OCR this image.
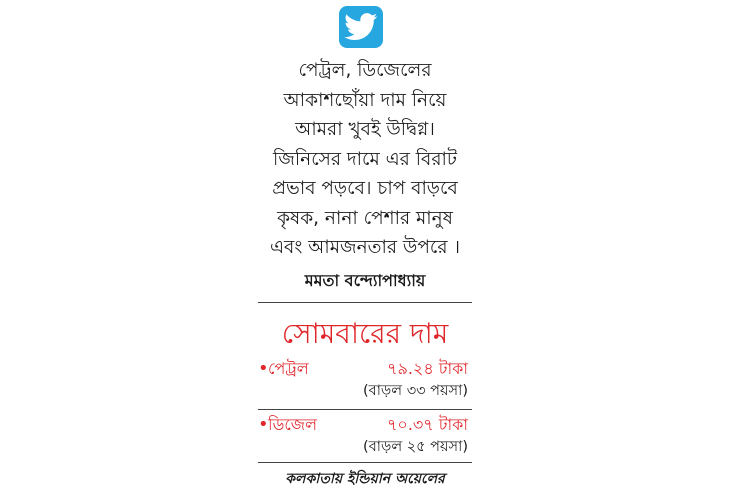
পেট্রল, ডিজেলের
আকাশছোঁয়া দাম নিয়ে
আমরা খুবই উদ্বিগ্ন।
জিনিসের দামে এর বিরাট
প্রভাব পড়বে। চাপ বাড়বে
কৃষক, নানা পেশার মানুষ
এবং আমজনতার উপরে ।
মমতা বন্দ্যোপাধ্যায়
সোমবারের দাম
• পেট্রল	৭৯.২৪ টাকা
(বাড়ল ৩৩ পয়সা)
• ডিজেল	৭০.৩৭ টাকা
(বাড়ল ২৫ পয়সা)
কলকাতায় ইন্ডিয়ান অয়েলের
